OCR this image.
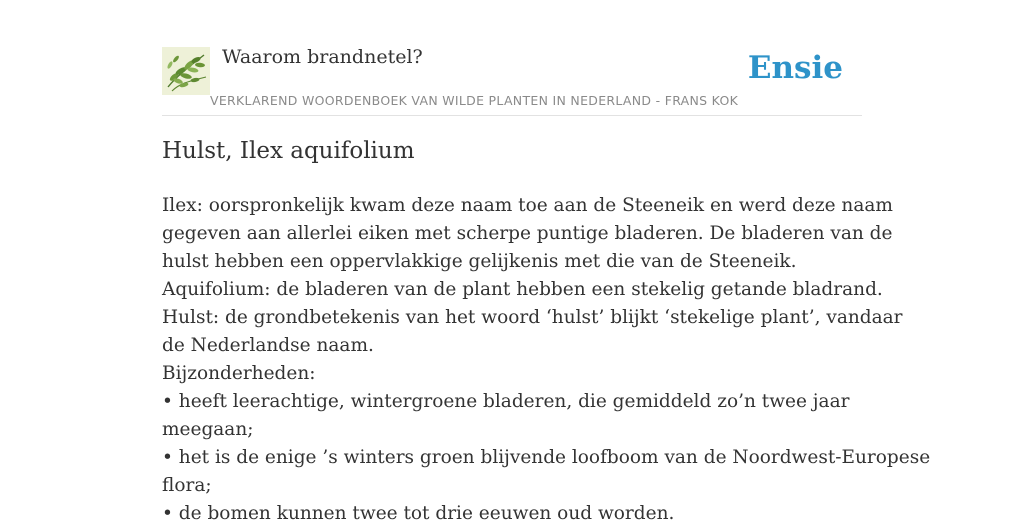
Waarom brandnetel?
VERKLAREND WOORDENBOEK VAN WILDE PLANTEN IN NEDERLAND - FRANS KOK
Ensie
Hulst, Ilex aquifolium
Ilex: oorspronkelijk kwam deze naam toe aan de Steeneik en werd deze naam
gegeven aan allerlei eiken met scherpe puntige bladeren. De bladeren van de
hulst hebben een oppervlakkige gelijkenis met die van de Steeneik.
Aquifolium: de bladeren van de plant hebben een stekelig getande bladrand.
Hulst: de grondbetekenis van het woord ‘hulst’ blijkt ‘stekelige plant’, vandaar
de Nederlandse naam.
Bijzonderheden:
• heeft leerachtige, wintergroene bladeren, die gemiddeld zo’n twee jaar
meegaan;
• het is de enige ’s winters groen blijvende loofboom van de Noordwest-Europese
flora;
• de bomen kunnen twee tot drie eeuwen oud worden.
